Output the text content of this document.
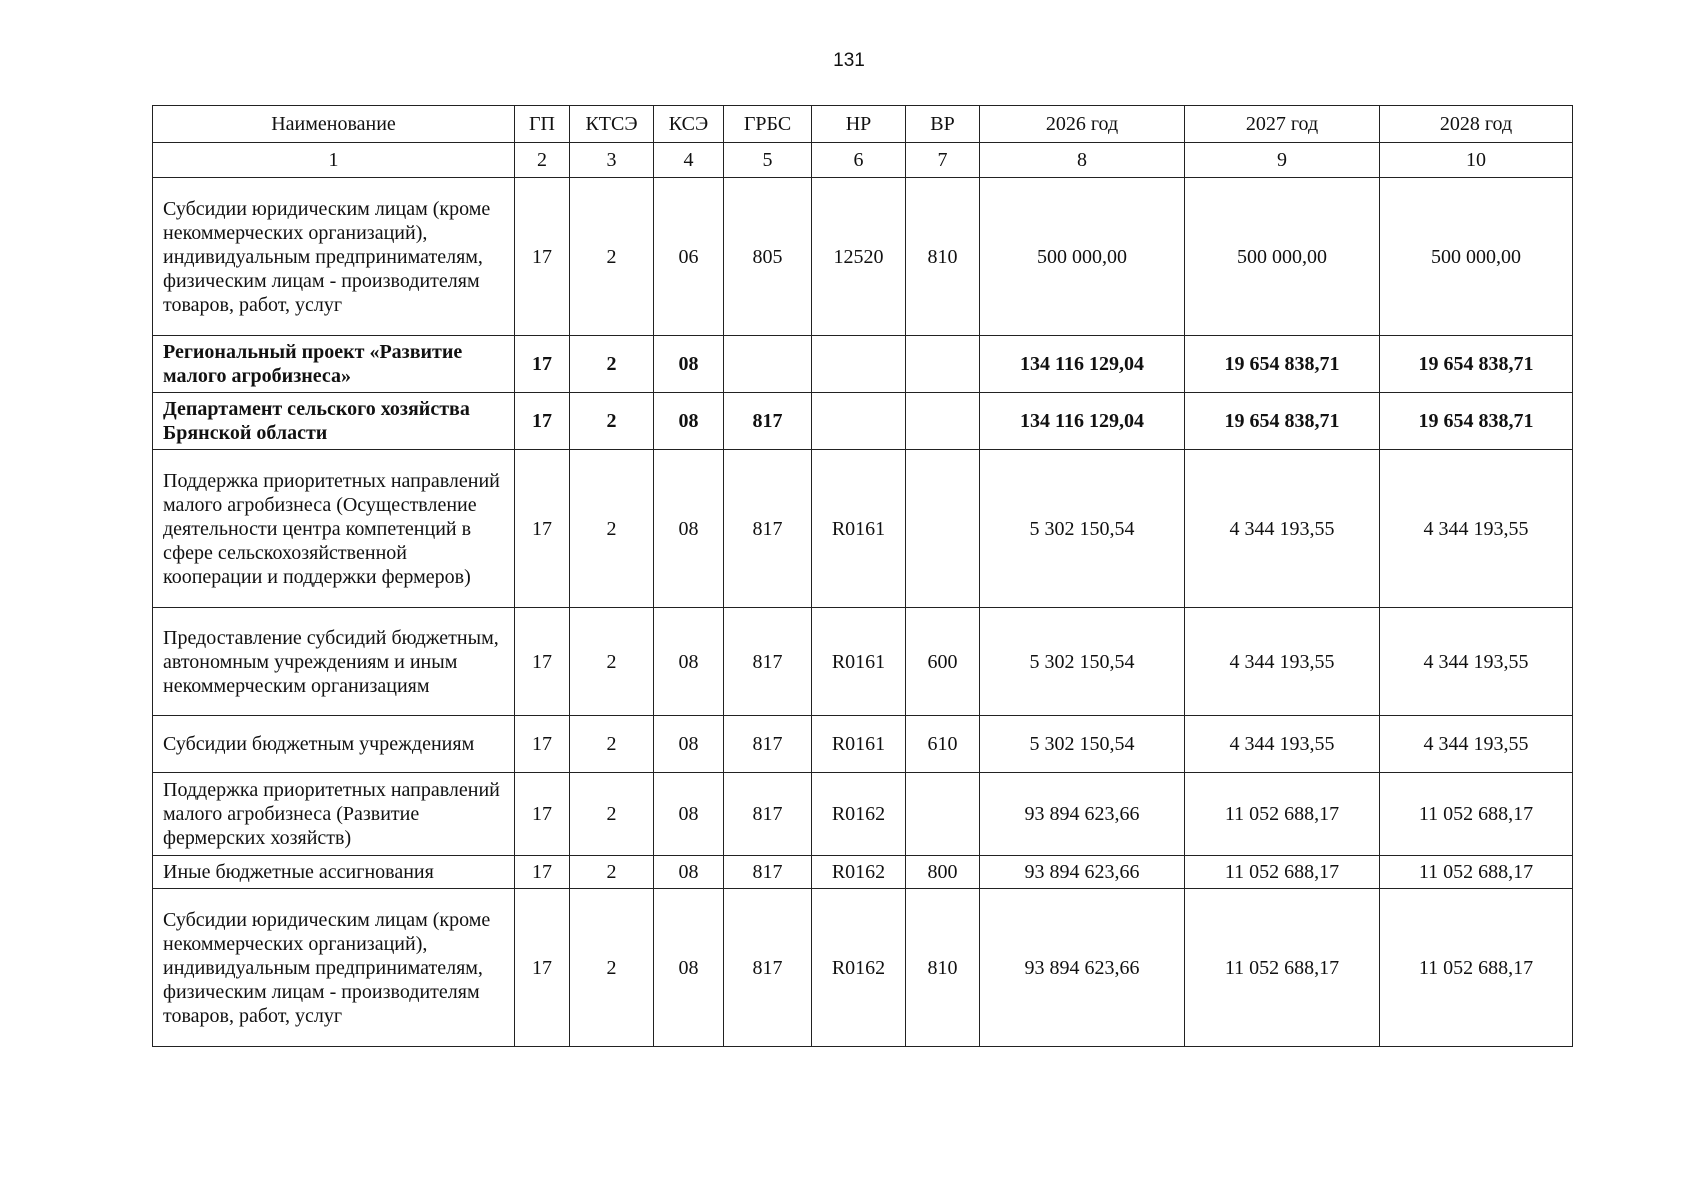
131
Наименование	ГП	КТСЭ	КСЭ	ГРБС	НР	ВР	2026 год	2027 год	2028 год
1	2	3	4	5	6	7	8	9	10
Субсидии юридическим лицам (кроме некоммерческих организаций), индивидуальным предпринимателям, физическим лицам - производителям товаров, работ, услуг	17	2	06	805	12520	810	500 000,00	500 000,00	500 000,00
Региональный проект «Развитие малого агробизнеса»	17	2	08				134 116 129,04	19 654 838,71	19 654 838,71
Департамент сельского хозяйства Брянской области	17	2	08	817			134 116 129,04	19 654 838,71	19 654 838,71
Поддержка приоритетных направлений малого агробизнеса (Осуществление деятельности центра компетенций в сфере сельскохозяйственной кооперации и поддержки фермеров)	17	2	08	817	R0161		5 302 150,54	4 344 193,55	4 344 193,55
Предоставление субсидий бюджетным, автономным учреждениям и иным некоммерческим организациям	17	2	08	817	R0161	600	5 302 150,54	4 344 193,55	4 344 193,55
Субсидии бюджетным учреждениям	17	2	08	817	R0161	610	5 302 150,54	4 344 193,55	4 344 193,55
Поддержка приоритетных направлений малого агробизнеса (Развитие фермерских хозяйств)	17	2	08	817	R0162		93 894 623,66	11 052 688,17	11 052 688,17
Иные бюджетные ассигнования	17	2	08	817	R0162	800	93 894 623,66	11 052 688,17	11 052 688,17
Субсидии юридическим лицам (кроме некоммерческих организаций), индивидуальным предпринимателям, физическим лицам - производителям товаров, работ, услуг	17	2	08	817	R0162	810	93 894 623,66	11 052 688,17	11 052 688,17
